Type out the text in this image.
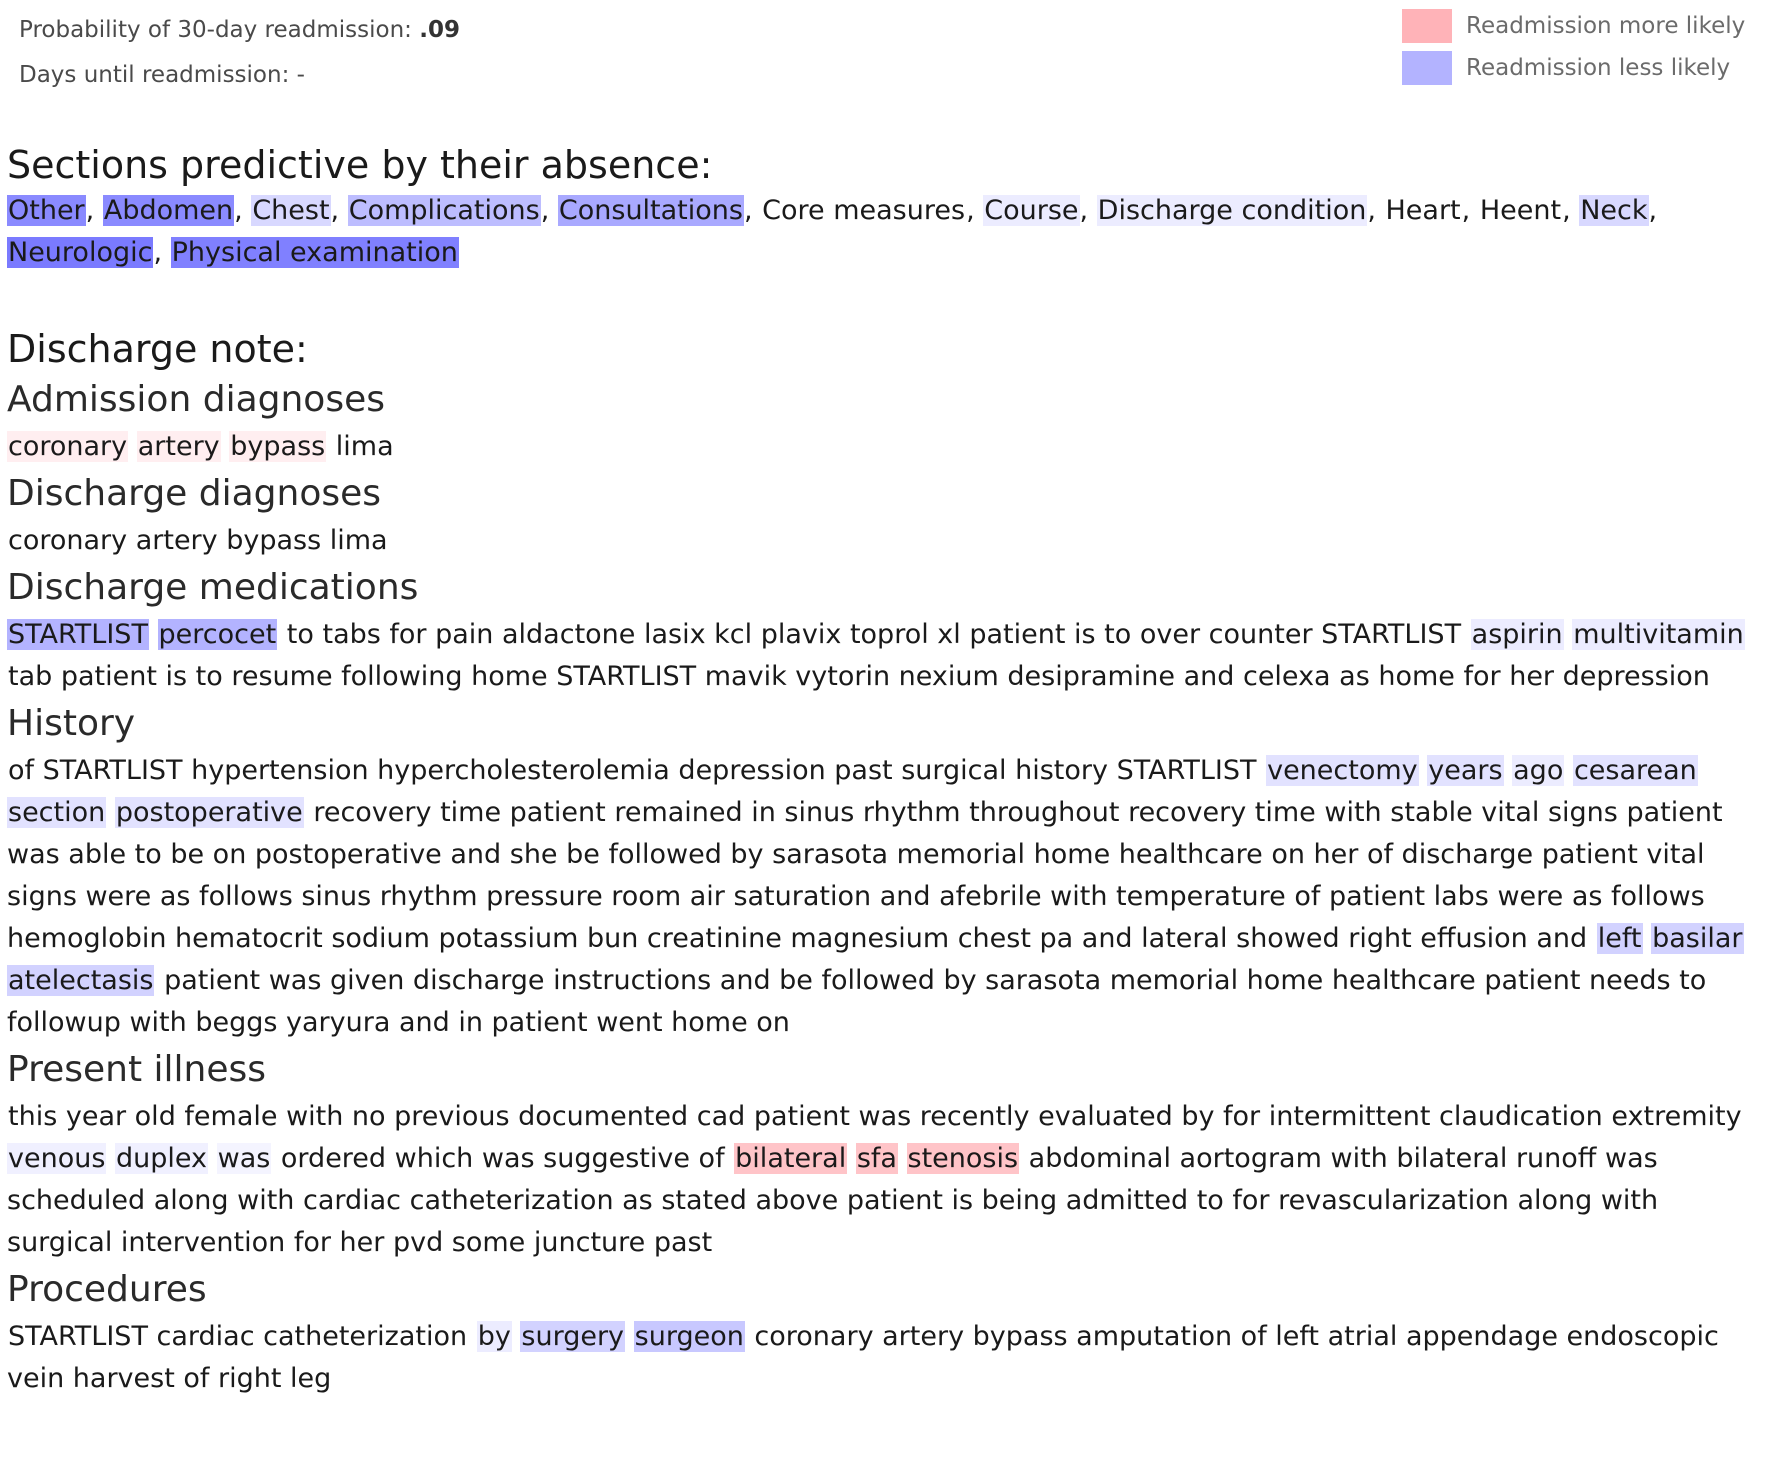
Probability of 30-day readmission: .09
Days until readmission: -
Readmission more likely
Readmission less likely
Sections predictive by their absence:
Other, Abdomen, Chest, Complications, Consultations, Core measures, Course, Discharge condition, Heart, Heent, Neck, Neurologic, Physical examination
Discharge note:
Admission diagnoses

coronary artery bypass lima

Discharge diagnoses

coronary artery bypass lima

Discharge medications

STARTLIST percocet to tabs for pain aldactone lasix kcl plavix toprol xl patient is to over counter STARTLIST aspirin multivitamin tab patient is to resume following home STARTLIST mavik vytorin nexium desipramine and celexa as home for her depression

History

of STARTLIST hypertension hypercholesterolemia depression past surgical history STARTLIST venectomy years ago cesarean section postoperative recovery time patient remained in sinus rhythm throughout recovery time with stable vital signs patient was able to be on postoperative and she be followed by sarasota memorial home healthcare on her of discharge patient vital signs were as follows sinus rhythm pressure room air saturation and afebrile with temperature of patient labs were as follows hemoglobin hematocrit sodium potassium bun creatinine magnesium chest pa and lateral showed right effusion and left basilar atelectasis patient was given discharge instructions and be followed by sarasota memorial home healthcare patient needs to followup with beggs yaryura and in patient went home on

Present illness

this year old female with no previous documented cad patient was recently evaluated by for intermittent claudication extremity venous duplex was ordered which was suggestive of bilateral sfa stenosis abdominal aortogram with bilateral runoff was scheduled along with cardiac catheterization as stated above patient is being admitted to for revascularization along with surgical intervention for her pvd some juncture past

Procedures

STARTLIST cardiac catheterization by surgery surgeon coronary artery bypass amputation of left atrial appendage endoscopic vein harvest of right leg
